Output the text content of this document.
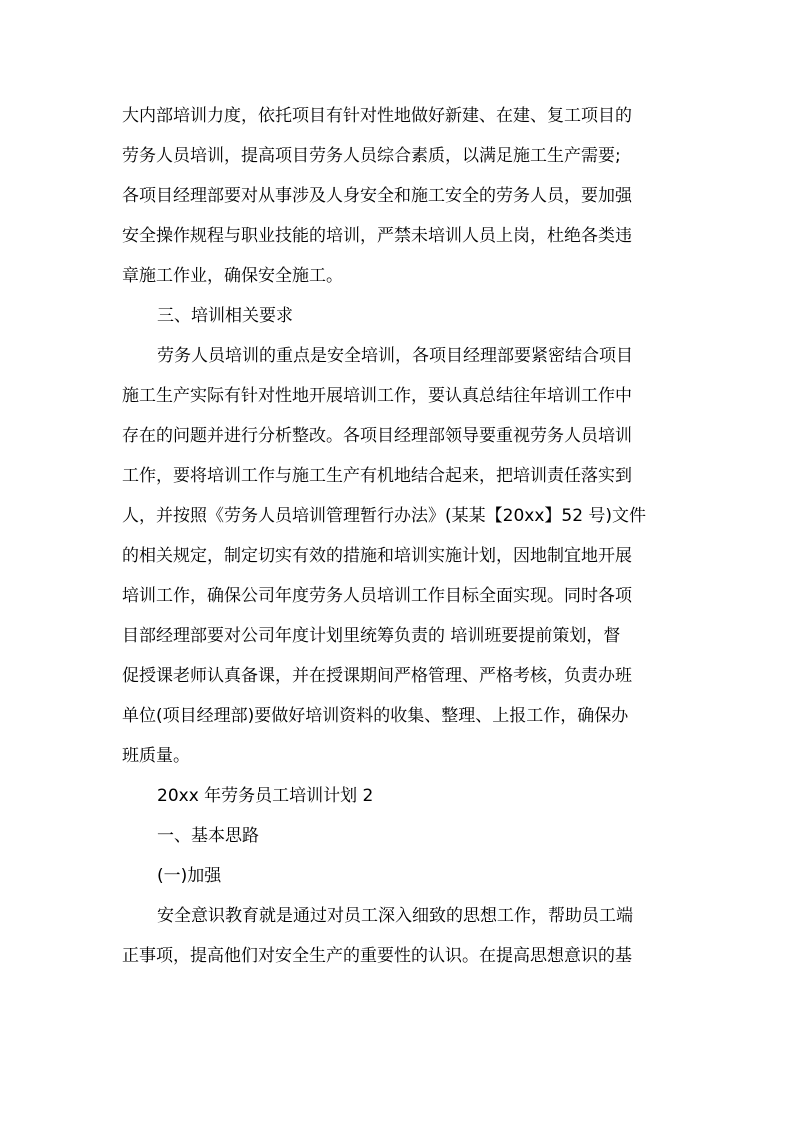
大内部培训力度，依托项目有针对性地做好新建、在建、复工项目的
劳务人员培训，提高项目劳务人员综合素质，以满足施工生产需要;
各项目经理部要对从事涉及人身安全和施工安全的劳务人员，要加强
安全操作规程与职业技能的培训，严禁未培训人员上岗，杜绝各类违
章施工作业，确保安全施工。
三、培训相关要求
劳务人员培训的重点是安全培训，各项目经理部要紧密结合项目
施工生产实际有针对性地开展培训工作，要认真总结往年培训工作中
存在的问题并进行分析整改。各项目经理部领导要重视劳务人员培训
工作，要将培训工作与施工生产有机地结合起来，把培训责任落实到
人，并按照《劳务人员培训管理暂行办法》(某某【20xx】52 号)文件
的相关规定，制定切实有效的措施和培训实施计划，因地制宜地开展
培训工作，确保公司年度劳务人员培训工作目标全面实现。同时各项
目部经理部要对公司年度计划里统筹负责的 培训班要提前策划，督
促授课老师认真备课，并在授课期间严格管理、严格考核，负责办班
单位(项目经理部)要做好培训资料的收集、整理、上报工作，确保办
班质量。
20xx 年劳务员工培训计划 2
一、基本思路
(一)加强
安全意识教育就是通过对员工深入细致的思想工作，帮助员工端
正事项，提高他们对安全生产的重要性的认识。在提高思想意识的基
